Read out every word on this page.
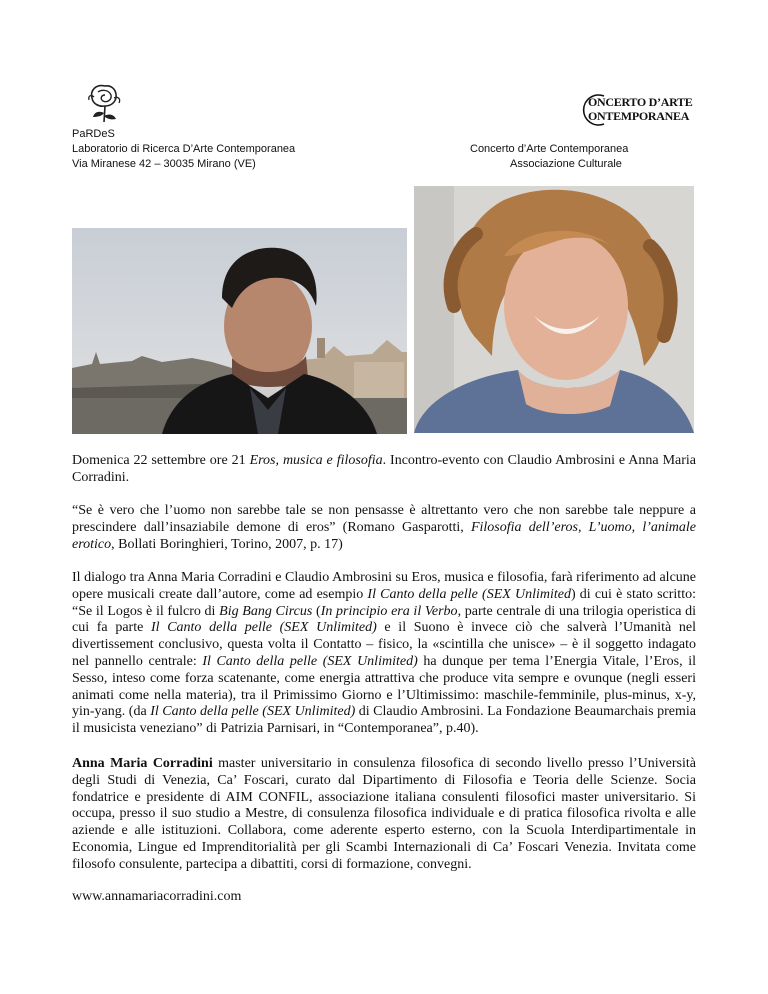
ONCERTO D’ARTE
ONTEMPORANEA
PaRDeS
Laboratorio di Ricerca D’Arte Contemporanea
Via Miranese 42 – 30035 Mirano (VE)
Concerto d’Arte Contemporanea
Associazione Culturale
Domenica 22 settembre ore 21 Eros, musica e filosofia. Incontro-evento con Claudio Ambrosini e Anna Maria Corradini.
“Se è vero che l’uomo non sarebbe tale se non pensasse è altrettanto vero che non sarebbe tale neppure a prescindere dall’insaziabile demone di eros” (Romano Gasparotti, Filosofia dell’eros, L’uomo, l’animale erotico, Bollati Boringhieri, Torino, 2007, p. 17)
Il dialogo tra Anna Maria Corradini e Claudio Ambrosini su Eros, musica e filosofia, farà riferimento ad alcune opere musicali create dall’autore, come ad esempio Il Canto della pelle (SEX Unlimited) di cui è stato scritto: “Se il Logos è il fulcro di Big Bang Circus (In principio era il Verbo, parte centrale di una trilogia operistica di cui fa parte Il Canto della pelle (SEX Unlimited) e il Suono è invece ciò che salverà l’Umanità nel divertissement conclusivo, questa volta il Contatto – fisico, la «scintilla che unisce» – è il soggetto indagato nel pannello centrale: Il Canto della pelle (SEX Unlimited) ha dunque per tema l’Energia Vitale, l’Eros, il Sesso, inteso come forza scatenante, come energia attrattiva che produce vita sempre e ovunque (negli esseri animati come nella materia), tra il Primissimo Giorno e l’Ultimissimo: maschile-femminile, plus-minus, x-y, yin-yang. (da Il Canto della pelle (SEX Unlimited) di Claudio Ambrosini. La Fondazione Beaumarchais premia il musicista veneziano” di Patrizia Parnisari, in “Contemporanea”, p.40).
Anna Maria Corradini master universitario in consulenza filosofica di secondo livello presso l’Università degli Studi di Venezia, Ca’ Foscari, curato dal Dipartimento di Filosofia e Teoria delle Scienze. Socia fondatrice e presidente di AIM CONFIL, associazione italiana consulenti filosofici master universitario. Si occupa, presso il suo studio a Mestre, di consulenza filosofica individuale e di pratica filosofica rivolta e alle aziende e alle istituzioni. Collabora, come aderente esperto esterno, con la Scuola Interdipartimentale in Economia, Lingue ed Imprenditorialità per gli Scambi Internazionali di Ca’ Foscari Venezia. Invitata come filosofo consulente, partecipa a dibattiti, corsi di formazione, convegni.
www.annamariacorradini.com
